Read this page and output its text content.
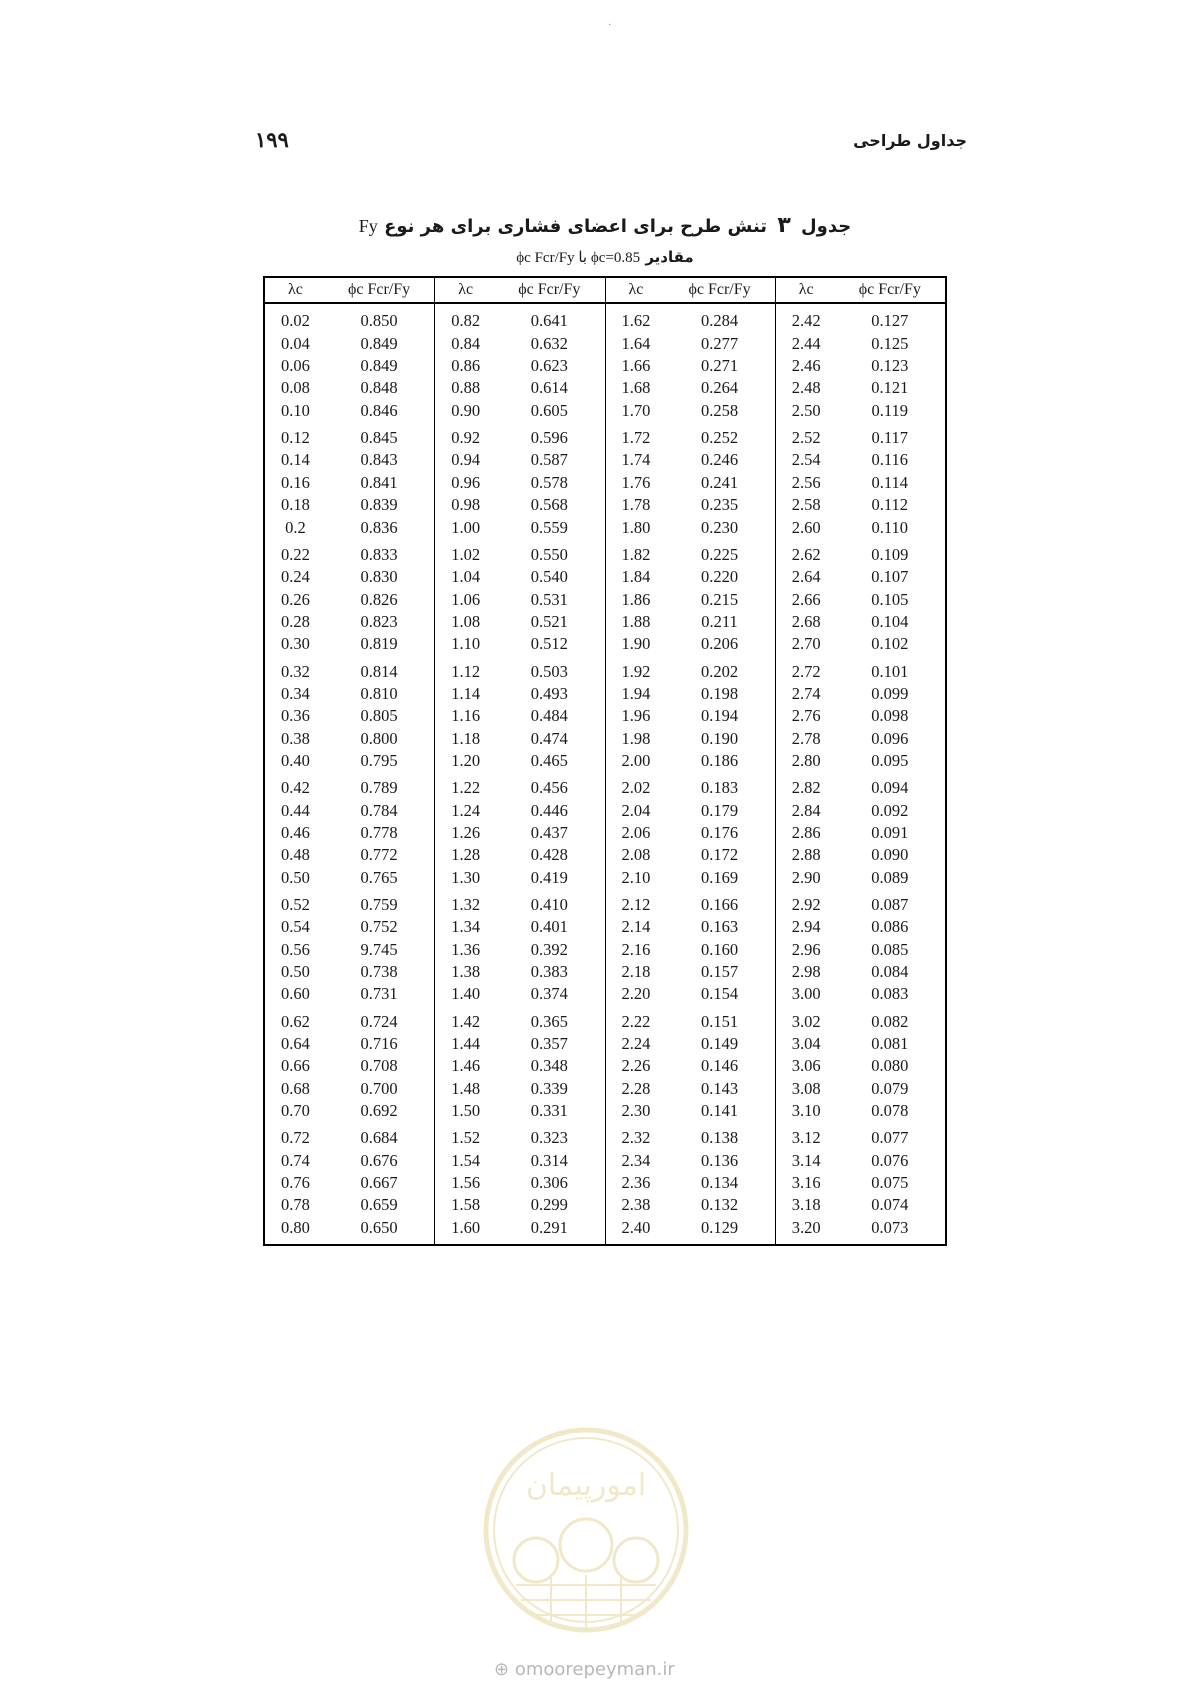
·
۱۹۹	جداول طراحی
جدول ۳ تنش طرح برای اعضای فشاری برای هر نوع Fy
مقادیر ϕc Fcr/Fy با ϕc=0.85
λc	ϕc Fcr/Fy
0.02	0.850
0.04	0.849
0.06	0.849
0.08	0.848
0.10	0.846
0.12	0.845
0.14	0.843
0.16	0.841
0.18	0.839
0.2	0.836
0.22	0.833
0.24	0.830
0.26	0.826
0.28	0.823
0.30	0.819
0.32	0.814
0.34	0.810
0.36	0.805
0.38	0.800
0.40	0.795
0.42	0.789
0.44	0.784
0.46	0.778
0.48	0.772
0.50	0.765
0.52	0.759
0.54	0.752
0.56	9.745
0.50	0.738
0.60	0.731
0.62	0.724
0.64	0.716
0.66	0.708
0.68	0.700
0.70	0.692
0.72	0.684
0.74	0.676
0.76	0.667
0.78	0.659
0.80	0.650
λc	ϕc Fcr/Fy
0.82	0.641
0.84	0.632
0.86	0.623
0.88	0.614
0.90	0.605
0.92	0.596
0.94	0.587
0.96	0.578
0.98	0.568
1.00	0.559
1.02	0.550
1.04	0.540
1.06	0.531
1.08	0.521
1.10	0.512
1.12	0.503
1.14	0.493
1.16	0.484
1.18	0.474
1.20	0.465
1.22	0.456
1.24	0.446
1.26	0.437
1.28	0.428
1.30	0.419
1.32	0.410
1.34	0.401
1.36	0.392
1.38	0.383
1.40	0.374
1.42	0.365
1.44	0.357
1.46	0.348
1.48	0.339
1.50	0.331
1.52	0.323
1.54	0.314
1.56	0.306
1.58	0.299
1.60	0.291
λc	ϕc Fcr/Fy
1.62	0.284
1.64	0.277
1.66	0.271
1.68	0.264
1.70	0.258
1.72	0.252
1.74	0.246
1.76	0.241
1.78	0.235
1.80	0.230
1.82	0.225
1.84	0.220
1.86	0.215
1.88	0.211
1.90	0.206
1.92	0.202
1.94	0.198
1.96	0.194
1.98	0.190
2.00	0.186
2.02	0.183
2.04	0.179
2.06	0.176
2.08	0.172
2.10	0.169
2.12	0.166
2.14	0.163
2.16	0.160
2.18	0.157
2.20	0.154
2.22	0.151
2.24	0.149
2.26	0.146
2.28	0.143
2.30	0.141
2.32	0.138
2.34	0.136
2.36	0.134
2.38	0.132
2.40	0.129
λc	ϕc Fcr/Fy
2.42	0.127
2.44	0.125
2.46	0.123
2.48	0.121
2.50	0.119
2.52	0.117
2.54	0.116
2.56	0.114
2.58	0.112
2.60	0.110
2.62	0.109
2.64	0.107
2.66	0.105
2.68	0.104
2.70	0.102
2.72	0.101
2.74	0.099
2.76	0.098
2.78	0.096
2.80	0.095
2.82	0.094
2.84	0.092
2.86	0.091
2.88	0.090
2.90	0.089
2.92	0.087
2.94	0.086
2.96	0.085
2.98	0.084
3.00	0.083
3.02	0.082
3.04	0.081
3.06	0.080
3.08	0.079
3.10	0.078
3.12	0.077
3.14	0.076
3.16	0.075
3.18	0.074
3.20	0.073
امورپیمان
⊕ omoorepeyman.ir
